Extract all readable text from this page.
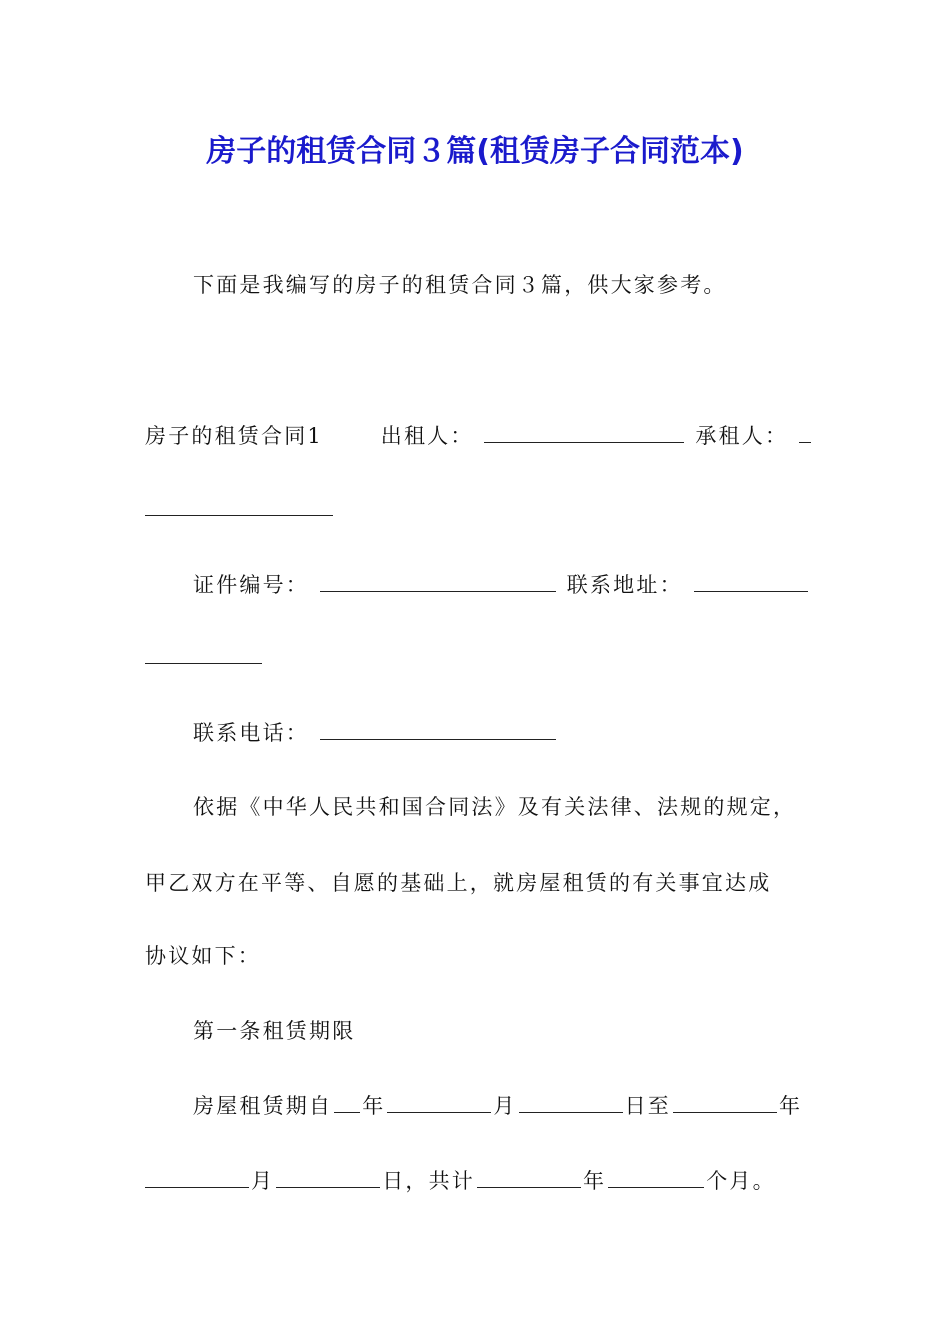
房子的租赁合同３篇(租赁房子合同范本)
下面是我编写的房子的租赁合同３篇，供大家参考。
房子的租赁合同1	出租人：	承租人：
证件编号：	联系地址：
联系电话：
依据《中华人民共和国合同法》及有关法律、法规的规定，
甲乙双方在平等、自愿的基础上，就房屋租赁的有关事宜达成
协议如下：
第一条租赁期限
房屋租赁期自 年	月	日至	年
月	日，共计	年	个月。
